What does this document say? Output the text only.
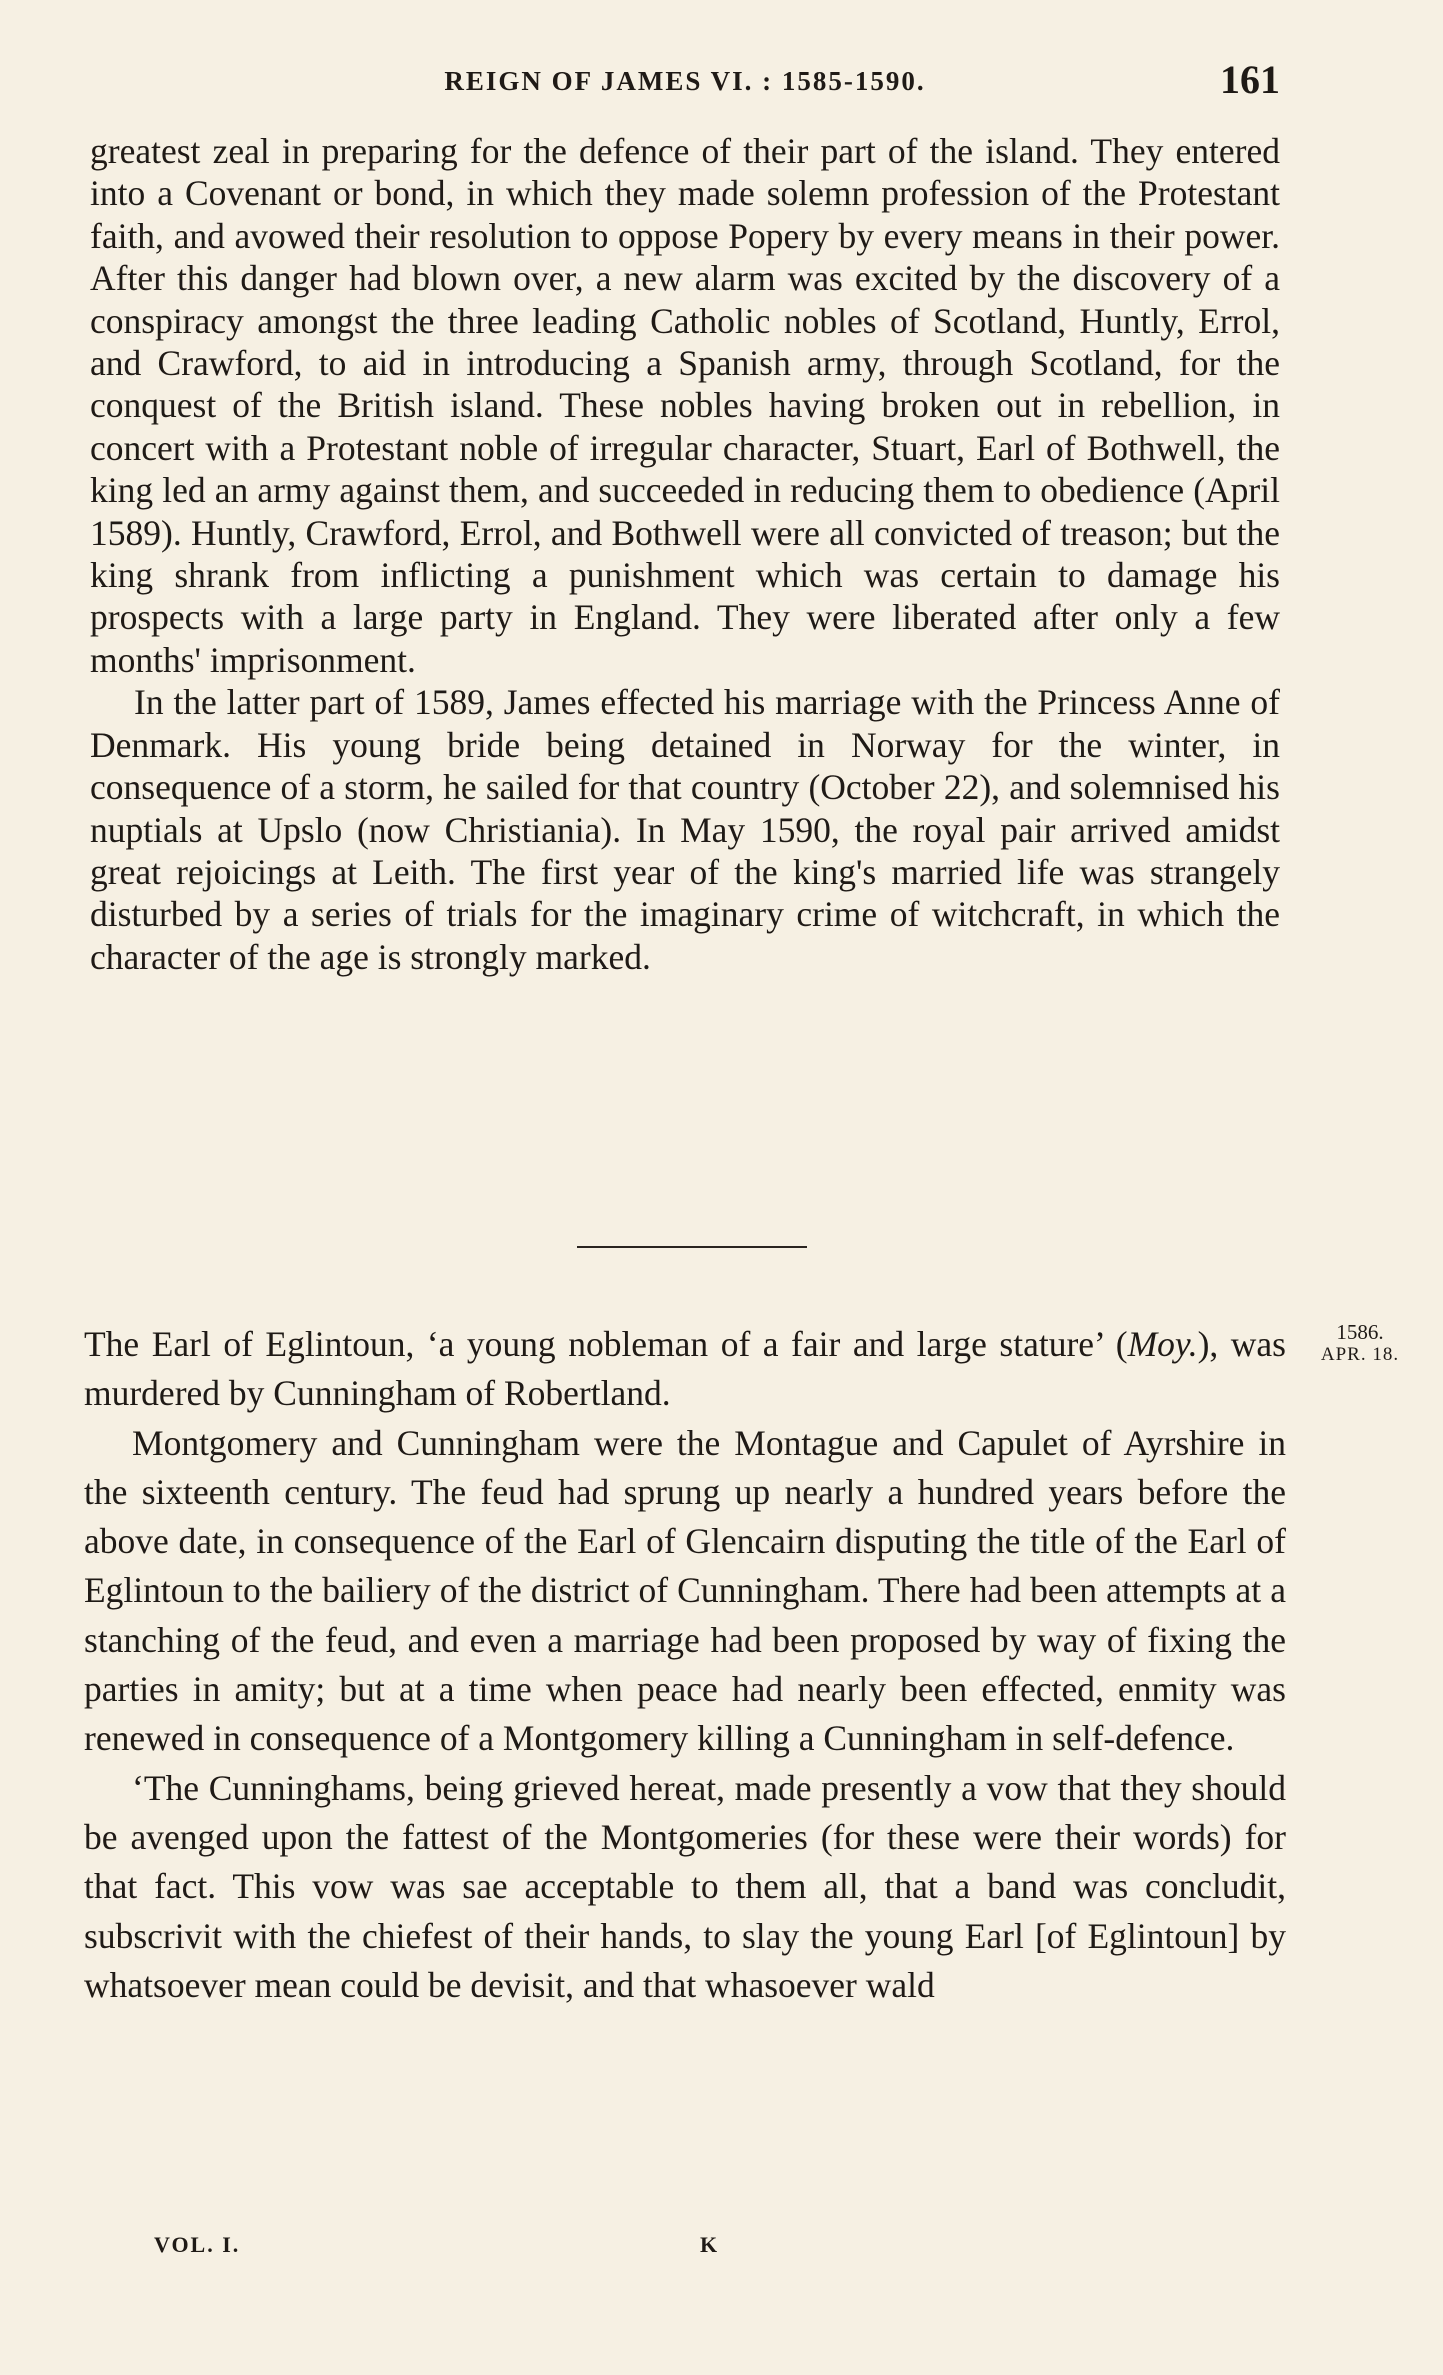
REIGN OF JAMES VI. : 1585-1590.	161

greatest zeal in preparing for the defence of their part of the island. They entered into a Covenant or bond, in which they made solemn profession of the Protestant faith, and avowed their resolution to oppose Popery by every means in their power. After this danger had blown over, a new alarm was excited by the discovery of a conspiracy amongst the three leading Catholic nobles of Scotland, Huntly, Errol, and Crawford, to aid in introducing a Spanish army, through Scotland, for the conquest of the British island. These nobles having broken out in rebellion, in concert with a Protestant noble of irregular character, Stuart, Earl of Bothwell, the king led an army against them, and succeeded in reducing them to obedience (April 1589). Huntly, Crawford, Errol, and Bothwell were all convicted of treason; but the king shrank from inflicting a punishment which was certain to damage his prospects with a large party in England. They were liberated after only a few months' imprisonment.

In the latter part of 1589, James effected his marriage with the Princess Anne of Denmark. His young bride being detained in Norway for the winter, in consequence of a storm, he sailed for that country (October 22), and solemnised his nuptials at Upslo (now Christiania). In May 1590, the royal pair arrived amidst great rejoicings at Leith. The first year of the king's married life was strangely disturbed by a series of trials for the imaginary crime of witchcraft, in which the character of the age is strongly marked.

The Earl of Eglintoun, ‘a young nobleman of a fair and large stature’ (Moy.), was murdered by Cunningham of Robertland.

Montgomery and Cunningham were the Montague and Capulet of Ayrshire in the sixteenth century. The feud had sprung up nearly a hundred years before the above date, in consequence of the Earl of Glencairn disputing the title of the Earl of Eglintoun to the bailiery of the district of Cunningham. There had been attempts at a stanching of the feud, and even a marriage had been proposed by way of fixing the parties in amity; but at a time when peace had nearly been effected, enmity was renewed in consequence of a Montgomery killing a Cunningham in self-defence.

‘The Cunninghams, being grieved hereat, made presently a vow that they should be avenged upon the fattest of the Montgomeries (for these were their words) for that fact. This vow was sae acceptable to them all, that a band was concludit, subscrivit with the chiefest of their hands, to slay the young Earl [of Eglintoun] by whatsoever mean could be devisit, and that whasoever wald

1586.
APR. 18.
VOL. I.	K
